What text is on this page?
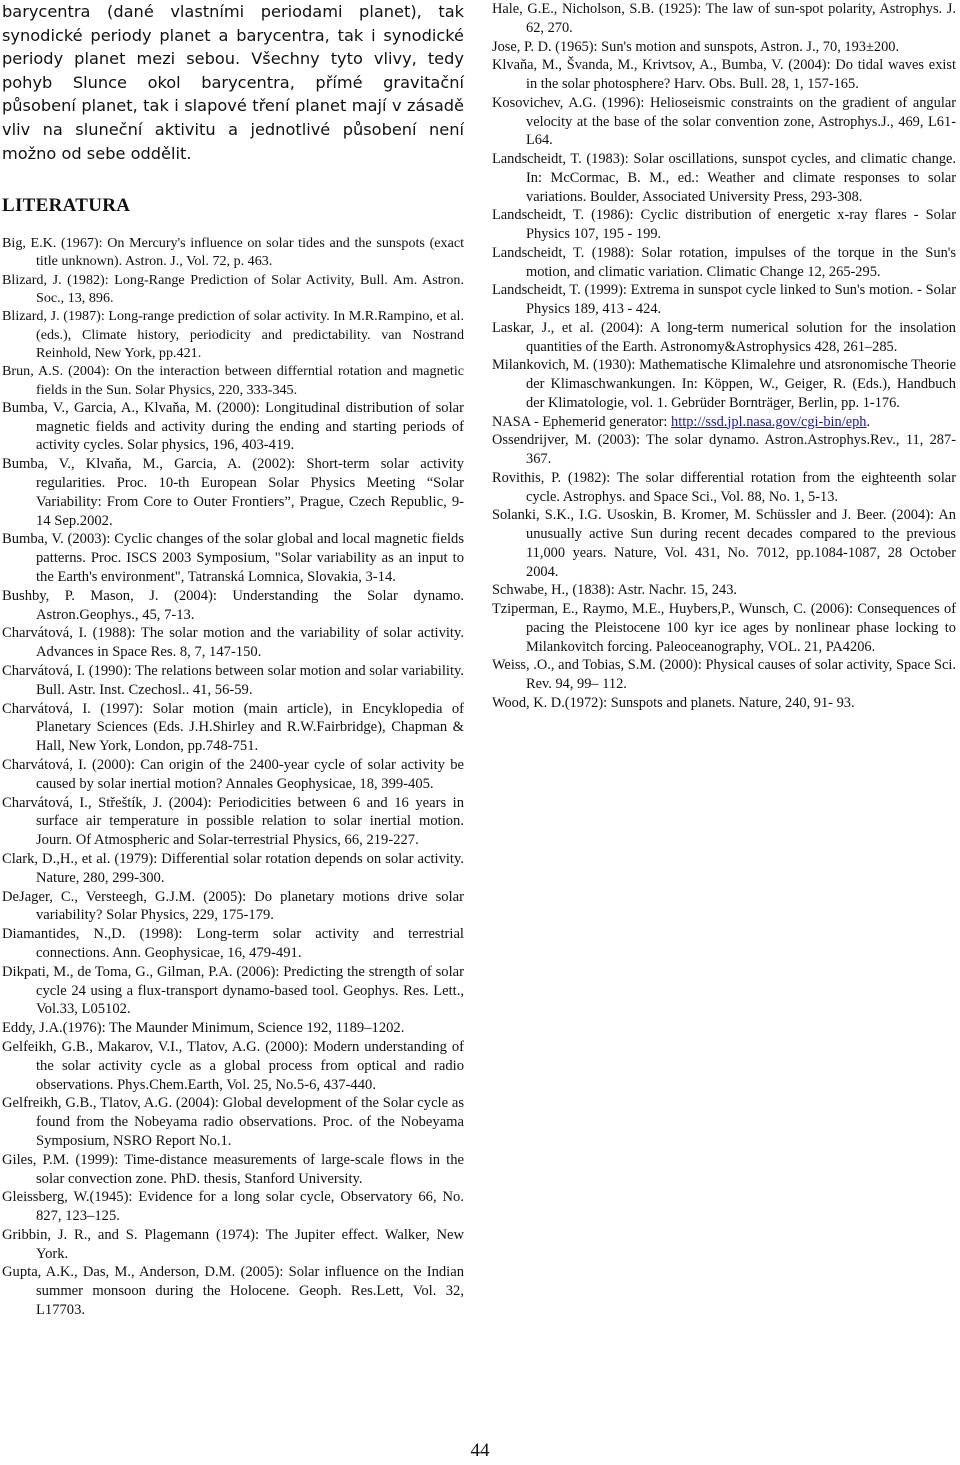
barycentra (dané vlastními periodami planet), tak synodické periody planet a barycentra, tak i synodické periody planet mezi sebou. Všechny tyto vlivy, tedy pohyb Slunce okol barycentra, přímé gravitační působení planet, tak i slapové tření planet mají v zásadě vliv na sluneční aktivitu a jednotlivé působení není možno od sebe oddělit.

LITERATURA
Big, E.K. (1967): On Mercury's influence on solar tides and the sunspots (exact title unknown). Astron. J., Vol. 72, p. 463.
Blizard, J. (1982): Long-Range Prediction of Solar Activity, Bull. Am. Astron. Soc., 13, 896.
Blizard, J. (1987): Long-range prediction of solar activity. In M.R.Rampino, et al. (eds.), Climate history, periodicity and predictability. van Nostrand Reinhold, New York, pp.421.
Brun, A.S. (2004): On the interaction between differntial rotation and magnetic fields in the Sun. Solar Physics, 220, 333-345.
Bumba, V., Garcia, A., Klvaňa, M. (2000): Longitudinal distribution of solar magnetic fields and activity during the ending and starting periods of activity cycles. Solar physics, 196, 403-419.
Bumba, V., Klvaňa, M., Garcia, A. (2002): Short-term solar activity regularities. Proc. 10-th European Solar Physics Meeting “Solar Variability: From Core to Outer Frontiers”, Prague, Czech Republic, 9-14 Sep.2002.
Bumba, V. (2003): Cyclic changes of the solar global and local magnetic fields patterns. Proc. ISCS 2003 Symposium, "Solar variability as an input to the Earth's environment", Tatranská Lomnica, Slovakia, 3-14.
Bushby, P. Mason, J. (2004): Understanding the Solar dynamo. Astron.Geophys., 45, 7-13.
Charvátová, I. (1988): The solar motion and the variability of solar activity. Advances in Space Res. 8, 7, 147-150.
Charvátová, I. (1990): The relations between solar motion and solar variability. Bull. Astr. Inst. Czechosl.. 41, 56-59.
Charvátová, I. (1997): Solar motion (main article), in Encyklopedia of Planetary Sciences (Eds. J.H.Shirley and R.W.Fairbridge), Chapman & Hall, New York, London, pp.748-751.
Charvátová, I. (2000): Can origin of the 2400-year cycle of solar activity be caused by solar inertial motion? Annales Geophysicae, 18, 399-405.
Charvátová, I., Střeštík, J. (2004): Periodicities between 6 and 16 years in surface air temperature in possible relation to solar inertial motion. Journ. Of Atmospheric and Solar-terrestrial Physics, 66, 219-227.
Clark, D.,H., et al. (1979): Differential solar rotation depends on solar activity. Nature, 280, 299-300.
DeJager, C., Versteegh, G.J.M. (2005): Do planetary motions drive solar variability? Solar Physics, 229, 175-179.
Diamantides, N.,D. (1998): Long-term solar activity and terrestrial connections. Ann. Geophysicae, 16, 479-491.
Dikpati, M., de Toma, G., Gilman, P.A. (2006): Predicting the strength of solar cycle 24 using a flux-transport dynamo-based tool. Geophys. Res. Lett., Vol.33, L05102.
Eddy, J.A.(1976): The Maunder Minimum, Science 192, 1189–1202.
Gelfeikh, G.B., Makarov, V.I., Tlatov, A.G. (2000): Modern understanding of the solar activity cycle as a global process from optical and radio observations. Phys.Chem.Earth, Vol. 25, No.5-6, 437-440.
Gelfreikh, G.B., Tlatov, A.G. (2004): Global development of the Solar cycle as found from the Nobeyama radio observations. Proc. of the Nobeyama Symposium, NSRO Report No.1.
Giles, P.M. (1999): Time-distance measurements of large-scale flows in the solar convection zone. PhD. thesis, Stanford University.
Gleissberg, W.(1945): Evidence for a long solar cycle, Observatory 66, No. 827, 123–125.
Gribbin, J. R., and S. Plagemann (1974): The Jupiter effect. Walker, New York.
Gupta, A.K., Das, M., Anderson, D.M. (2005): Solar influence on the Indian summer monsoon during the Holocene. Geoph. Res.Lett, Vol. 32, L17703.
Hale, G.E., Nicholson, S.B. (1925): The law of sun-spot polarity, Astrophys. J. 62, 270.
Jose, P. D. (1965): Sun's motion and sunspots, Astron. J., 70, 193±200.
Klvaňa, M., Švanda, M., Krivtsov, A., Bumba, V. (2004): Do tidal waves exist in the solar photosphere? Harv. Obs. Bull. 28, 1, 157-165.
Kosovichev, A.G. (1996): Helioseismic constraints on the gradient of angular velocity at the base of the solar convention zone, Astrophys.J., 469, L61-L64.
Landscheidt, T. (1983): Solar oscillations, sunspot cycles, and climatic change. In: McCormac, B. M., ed.: Weather and climate responses to solar variations. Boulder, Associated University Press, 293-308.
Landscheidt, T. (1986): Cyclic distribution of energetic x-ray flares - Solar Physics 107, 195 - 199.
Landscheidt, T. (1988): Solar rotation, impulses of the torque in the Sun's motion, and climatic variation. Climatic Change 12, 265-295.
Landscheidt, T. (1999): Extrema in sunspot cycle linked to Sun's motion. - Solar Physics 189, 413 - 424.
Laskar, J., et al. (2004): A long-term numerical solution for the insolation quantities of the Earth. Astronomy&Astrophysics 428, 261–285.
Milankovich, M. (1930): Mathematische Klimalehre und atsronomische Theorie der Klimaschwankungen. In: Köppen, W., Geiger, R. (Eds.), Handbuch der Klimatologie, vol. 1. Gebrüder Bornträger, Berlin, pp. 1-176.
NASA - Ephemerid generator: http://ssd.jpl.nasa.gov/cgi-bin/eph.
Ossendrijver, M. (2003): The solar dynamo. Astron.Astrophys.Rev., 11, 287-367.
Rovithis, P. (1982): The solar differential rotation from the eighteenth solar cycle. Astrophys. and Space Sci., Vol. 88, No. 1, 5-13.
Solanki, S.K., I.G. Usoskin, B. Kromer, M. Schüssler and J. Beer. (2004): An unusually active Sun during recent decades compared to the previous 11,000 years. Nature, Vol. 431, No. 7012, pp.1084-1087, 28 October 2004.
Schwabe, H., (1838): Astr. Nachr. 15, 243.
Tziperman, E., Raymo, M.E., Huybers,P., Wunsch, C. (2006): Consequences of pacing the Pleistocene 100 kyr ice ages by nonlinear phase locking to Milankovitch forcing. Paleoceanography, VOL. 21, PA4206.
Weiss, .O., and Tobias, S.M. (2000): Physical causes of solar activity, Space Sci. Rev. 94, 99– 112.
Wood, K. D.(1972): Sunspots and planets. Nature, 240, 91- 93.
44
